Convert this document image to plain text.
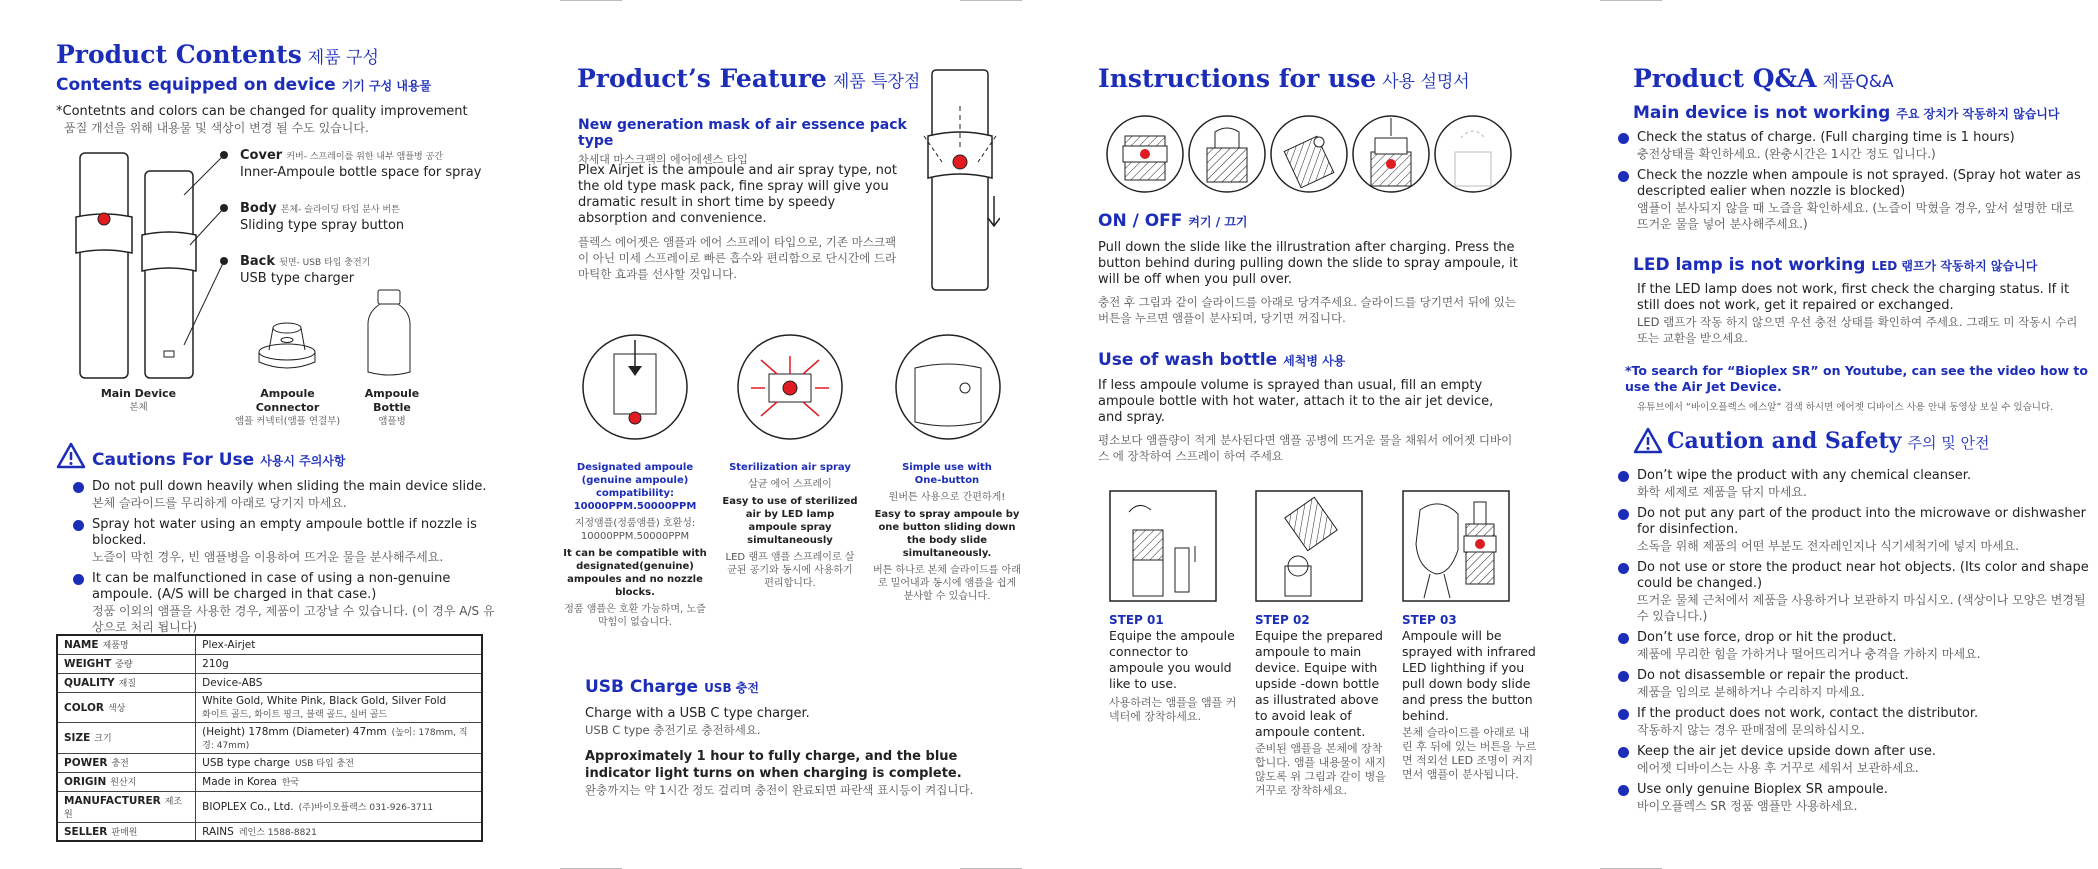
Product Contents 제품 구성
Contents equipped on device 기기 구성 내용물
*Contetnts and colors can be changed for quality improvement
품질 개선을 위해 내용물 및 색상이 변경 될 수도 있습니다.
Cover 커버- 스프레이를 위한 내부 앰플병 공간
Inner-Ampoule bottle space for spray
Body 본체- 슬라이딩 타입 분사 버튼
Sliding type spray button
Back 뒷면- USB 타입 충전기
USB type charger
Main Device
본체
Ampoule Connector
앰플 커넥터(앰플 연결부)
Ampoule Bottle
앰플병
Cautions For Use 사용시 주의사항
Do not pull down heavily when sliding the main device slide.
본체 슬라이드를 무리하게 아래로 당기지 마세요.
Spray hot water using an empty ampoule bottle if nozzle is blocked.
노즐이 막힌 경우, 빈 앰플병을 이용하여 뜨거운 물을 분사해주세요.
It can be malfunctioned in case of using a non-genuine ampoule. (A/S will be charged in that case.)
정품 이외의 앰플을 사용한 경우, 제품이 고장날 수 있습니다. (이 경우 A/S 유상으로 처리 됩니다)
NAME 제품명	Plex-Airjet
WEIGHT 중량	210g
QUALITY 재질	Device-ABS
COLOR 색상	White Gold, White Pink, Black Gold, Silver Fold
화이트 골드, 화이트 핑크, 블랙 골드, 실버 골드

SIZE 크기	(Height) 178mm (Diameter) 47mm (높이: 178mm, 직경: 47mm)
POWER 충전	USB type charge USB 타입 충전
ORIGIN 원산지	Made in Korea 한국
MANUFACTURER 제조원	BIOPLEX Co., Ltd. (주)바이오플렉스 031-926-3711
SELLER 판매원	RAINS 레인스 1588-8821
Product’s Feature 제품 특장점
New generation mask of air essence pack type
차세대 마스크팩의 에어에센스 타입
Plex Airjet is the ampoule and air spray type, not the old type mask pack, fine spray will give you dramatic result in short time by speedy absorption and convenience.
플렉스 에어젯은 앰플과 에어 스프레이 타입으로, 기존 마스크팩이 아닌 미세 스프레이로 빠른 흡수와 편리함으로 단시간에 드라마틱한 효과를 선사할 것입니다.
Designated ampoule (genuine ampoule) compatibility: 10000PPM.50000PPM
지정앰플(정품앰플) 호환성: 10000PPM.50000PPM
It can be compatible with designated(genuine) ampoules and no nozzle blocks.
정품 앰플은 호환 가능하며, 노즐 막힘이 없습니다.
Sterilization air spray
살균 에어 스프레이
Easy to use of sterilized air by LED lamp ampoule spray simultaneously
LED 램프 앰플 스프레이로 살균된 공기와 동시에 사용하기 편리합니다.
Simple use with One-button
원버튼 사용으로 간편하게!
Easy to spray ampoule by one button sliding down the body slide simultaneously.
버튼 하나로 본체 슬라이드를 아래로 밀어내과 동시에 앰플을 쉽게 분사할 수 있습니다.
USB Charge USB 충전
Charge with a USB C type charger.
USB C type 충전기로 충전하세요.
Approximately 1 hour to fully charge, and the blue indicator light turns on when charging is complete.
완충까지는 약 1시간 정도 걸리며 충전이 완료되면 파란색 표시등이 켜집니다.
Instructions for use 사용 설명서
ON / OFF 켜기 / 끄기
Pull down the slide like the illrustration after charging. Press the button behind during pulling down the slide to spray ampoule, it will be off when you pull over.
충전 후 그림과 같이 슬라이드를 아래로 당겨주세요. 슬라이드를 당기면서 뒤에 있는 버튼을 누르면 앰플이 분사되며, 당기면 꺼집니다.
Use of wash bottle 세척병 사용
If less ampoule volume is sprayed than usual, fill an empty ampoule bottle with hot water, attach it to the air jet device, and spray.
평소보다 앰플량이 적게 분사된다면 앰플 공병에 뜨거운 물을 채워서 에어젯 디바이스 에 장착하여 스프레이 하여 주세요
STEP 01
Equipe the ampoule connector to ampoule you would like to use.
사용하려는 앰플을 앰플 커넥터에 장착하세요.
STEP 02
Equipe the prepared ampoule to main device. Equipe with upside -down bottle as illustrated above to avoid leak of ampoule content.
준비된 앰플을 본체에 장착합니다. 앰플 내용물이 새지 않도록 위 그림과 같이 병을 거꾸로 장착하세요.
STEP 03
Ampoule will be sprayed with infrared LED lighthing if you pull down body slide and press the button behind.
본체 슬라이드를 아래로 내린 후 뒤에 있는 버튼을 누르면 적외선 LED 조명이 켜지면서 앰플이 분사됩니다.
Product Q&A 제품Q&A
Main device is not working 주요 장치가 작동하지 않습니다
Check the status of charge. (Full charging time is 1 hours)
충전상태를 확인하세요. (완충시간은 1시간 정도 입니다.)
Check the nozzle when ampoule is not sprayed. (Spray hot water as descripted ealier when nozzle is blocked)
앰플이 분사되지 않을 때 노즐을 확인하세요. (노즐이 막혔을 경우, 앞서 설명한 대로 뜨거운 물을 넣어 분사해주세요.)
LED lamp is not working LED 램프가 작동하지 않습니다
If the LED lamp does not work, first check the charging status. If it still does not work, get it repaired or exchanged.
LED 램프가 작동 하지 않으면 우선 충전 상태를 확인하여 주세요. 그래도 미 작동시 수리 또는 교환을 받으세요.
*To search for “Bioplex SR” on Youtube, can see the video how to use the Air Jet Device.
유튜브에서 “바이오플렉스 에스알” 검색 하시면 에어젯 디바이스 사용 안내 동영상 보실 수 있습니다.
Caution and Safety 주의 및 안전
Don’t wipe the product with any chemical cleanser.
화학 세제로 제품을 닦지 마세요.
Do not put any part of the product into the microwave or dishwasher for disinfection.
소독을 위해 제품의 어떤 부분도 전자레인지나 식기세척기에 넣지 마세요.
Do not use or store the product near hot objects. (Its color and shape could be changed.)
뜨거운 물체 근처에서 제품을 사용하거나 보관하지 마십시오. (색상이나 모양은 변경될 수 있습니다.)
Don’t use force, drop or hit the product.
제품에 무리한 힘을 가하거나 떨어뜨리거나 충격을 가하지 마세요.
Do not disassemble or repair the product.
제품을 임의로 분해하거나 수리하지 마세요.
If the product does not work, contact the distributor.
작동하지 않는 경우 판매점에 문의하십시오.
Keep the air jet device upside down after use.
에어젯 디바이스는 사용 후 거꾸로 세워서 보관하세요.
Use only genuine Bioplex SR ampoule.
바이오플렉스 SR 정품 앰플만 사용하세요.
